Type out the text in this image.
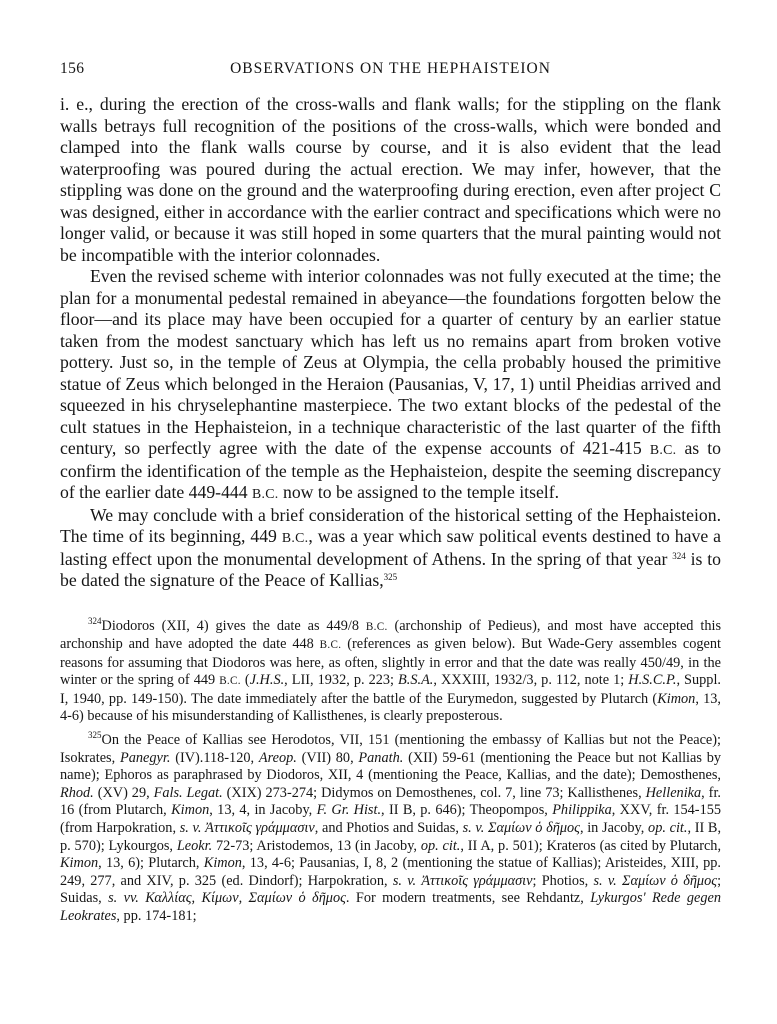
156	OBSERVATIONS ON THE HEPHAISTEION

i. e., during the erection of the cross-walls and flank walls; for the stippling on the flank walls betrays full recognition of the positions of the cross-walls, which were bonded and clamped into the flank walls course by course, and it is also evident that the lead waterproofing was poured during the actual erection. We may infer, however, that the stippling was done on the ground and the waterproofing during erection, even after project C was designed, either in accordance with the earlier contract and specifications which were no longer valid, or because it was still hoped in some quarters that the mural painting would not be incompatible with the interior colonnades.

Even the revised scheme with interior colonnades was not fully executed at the time; the plan for a monumental pedestal remained in abeyance—the foundations forgotten below the floor—and its place may have been occupied for a quarter of century by an earlier statue taken from the modest sanctuary which has left us no remains apart from broken votive pottery. Just so, in the temple of Zeus at Olympia, the cella probably housed the primitive statue of Zeus which belonged in the Heraion (Pausanias, V, 17, 1) until Pheidias arrived and squeezed in his chryselephantine masterpiece. The two extant blocks of the pedestal of the cult statues in the Hephaisteion, in a technique characteristic of the last quarter of the fifth century, so perfectly agree with the date of the expense accounts of 421-415 B.C. as to confirm the identification of the temple as the Hephaisteion, despite the seeming discrepancy of the earlier date 449-444 B.C. now to be assigned to the temple itself.

We may conclude with a brief consideration of the historical setting of the Hephaisteion. The time of its beginning, 449 B.C., was a year which saw political events destined to have a lasting effect upon the monumental development of Athens. In the spring of that year $^{324}$ is to be dated the signature of the Peace of Kallias,$^{325}$

$^{324}$Diodoros (XII, 4) gives the date as 449/8 B.C. (archonship of Pedieus), and most have accepted this archonship and have adopted the date 448 B.C. (references as given below). But Wade-Gery assembles cogent reasons for assuming that Diodoros was here, as often, slightly in error and that the date was really 450/49, in the winter or the spring of 449 B.C. (J.H.S., LII, 1932, p. 223; B.S.A., XXXIII, 1932/3, p. 112, note 1; H.S.C.P., Suppl. I, 1940, pp. 149-150). The date immediately after the battle of the Eurymedon, suggested by Plutarch (Kimon, 13, 4-6) because of his misunderstanding of Kallisthenes, is clearly preposterous.

$^{325}$On the Peace of Kallias see Herodotos, VII, 151 (mentioning the embassy of Kallias but not the Peace); Isokrates, Panegyr. (IV).118-120, Areop. (VII) 80, Panath. (XII) 59-61 (mentioning the Peace but not Kallias by name); Ephoros as paraphrased by Diodoros, XII, 4 (mentioning the Peace, Kallias, and the date); Demosthenes, Rhod. (XV) 29, Fals. Legat. (XIX) 273-274; Didymos on Demosthenes, col. 7, line 73; Kallisthenes, Hellenika, fr. 16 (from Plutarch, Kimon, 13, 4, in Jacoby, F. Gr. Hist., II B, p. 646); Theopompos, Philippika, XXV, fr. 154-155 (from Harpokration, s. v. Ἀττικοῖς γράμμασιν, and Photios and Suidas, s. v. Σαμίων ὁ δῆμος, in Jacoby, op. cit., II B, p. 570); Lykourgos, Leokr. 72-73; Aristodemos, 13 (in Jacoby, op. cit., II A, p. 501); Krateros (as cited by Plutarch, Kimon, 13, 6); Plutarch, Kimon, 13, 4-6; Pausanias, I, 8, 2 (mentioning the statue of Kallias); Aristeides, XIII, pp. 249, 277, and XIV, p. 325 (ed. Dindorf); Harpokration, s. v. Ἀττικοῖς γράμμασιν; Photios, s. v. Σαμίων ὁ δῆμος; Suidas, s. vv. Καλλίας, Κίμων, Σαμίων ὁ δῆμος. For modern treatments, see Rehdantz, Lykurgos' Rede gegen Leokrates, pp. 174-181;
